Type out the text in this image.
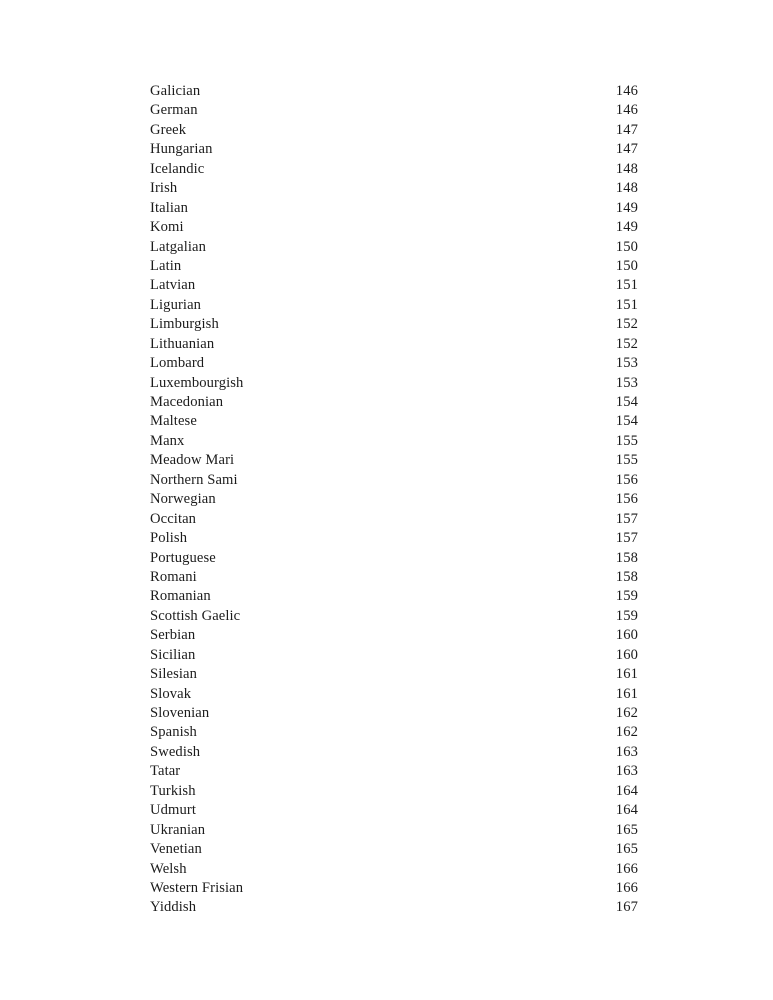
Galician .....	146
German .....	146
Greek .....	147
Hungarian .....	147
Icelandic .....	148
Irish .....	148
Italian .....	149
Komi .....	149
Latgalian .....	150
Latin .....	150
Latvian .....	151
Ligurian .....	151
Limburgish .....	152
Lithuanian .....	152
Lombard .....	153
Luxembourgish .....	153
Macedonian .....	154
Maltese .....	154
Manx .....	155
Meadow Mari .....	155
Northern Sami .....	156
Norwegian .....	156
Occitan .....	157
Polish .....	157
Portuguese .....	158
Romani .....	158
Romanian .....	159
Scottish Gaelic .....	159
Serbian .....	160
Sicilian .....	160
Silesian .....	161
Slovak .....	161
Slovenian .....	162
Spanish .....	162
Swedish .....	163
Tatar .....	163
Turkish .....	164
Udmurt .....	164
Ukranian .....	165
Venetian .....	165
Welsh .....	166
Western Frisian .....	166
Yiddish .....	167
